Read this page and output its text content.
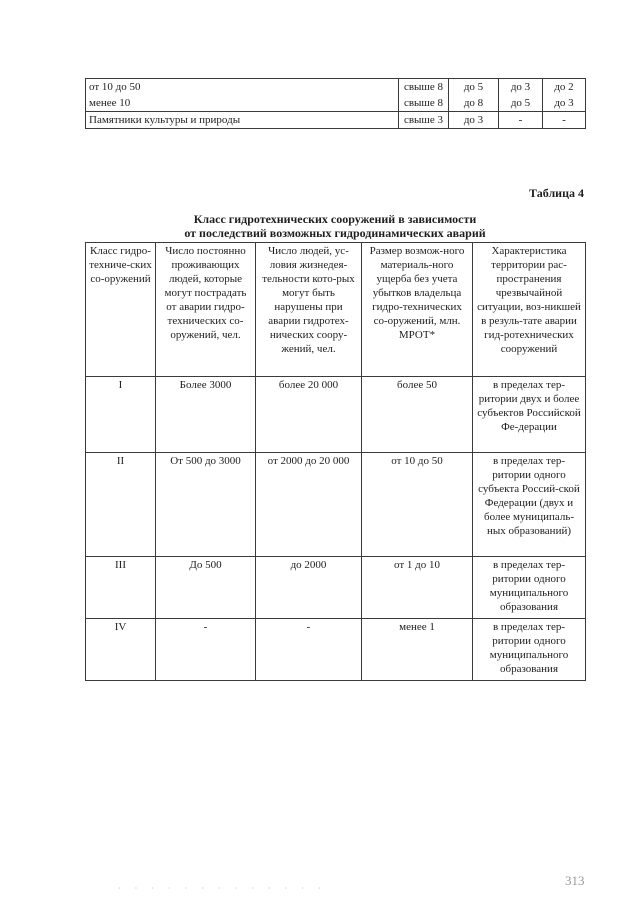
от 10 до 50	свыше 8	до 5	до 3	до 2
менее 10	свыше 8	до 8	до 5	до 3
Памятники культуры и природы	свыше 3	до 3	-	-
Таблица 4
Класс гидротехнических сооружений в зависимости
от последствий возможных гидродинамических аварий
Класс гидро-техниче-ских со-оружений	Число постоянно проживающих людей, которые могут пострадать от аварии гидро-технических со-оружений, чел.	Число людей, ус-ловия жизнедея-тельности кото-рых могут быть нарушены при аварии гидротех-нических соору-жений, чел.	Размер возмож-ного материаль-ного ущерба без учета убытков владельца гидро-технических со-оружений, млн. МРОТ*	Характеристика территории рас-пространения чрезвычайной ситуации, воз-никшей в резуль-тате аварии гид-ротехнических сооружений
I	Более 3000	более 20 000	более 50	в пределах тер-ритории двух и более субъектов Российской Фе-дерации
II	От 500 до 3000	от 2000 до 20 000	от 10 до 50	в пределах тер-ритории одного субъекта Россий-ской Федерации (двух и более муниципаль-ных образований)
III	До 500	до 2000	от 1 до 10	в пределах тер-ритории одного муниципального образования
IV	-	-	менее 1	в пределах тер-ритории одного муниципального образования
· · · · · · · · · · · · ·
313
